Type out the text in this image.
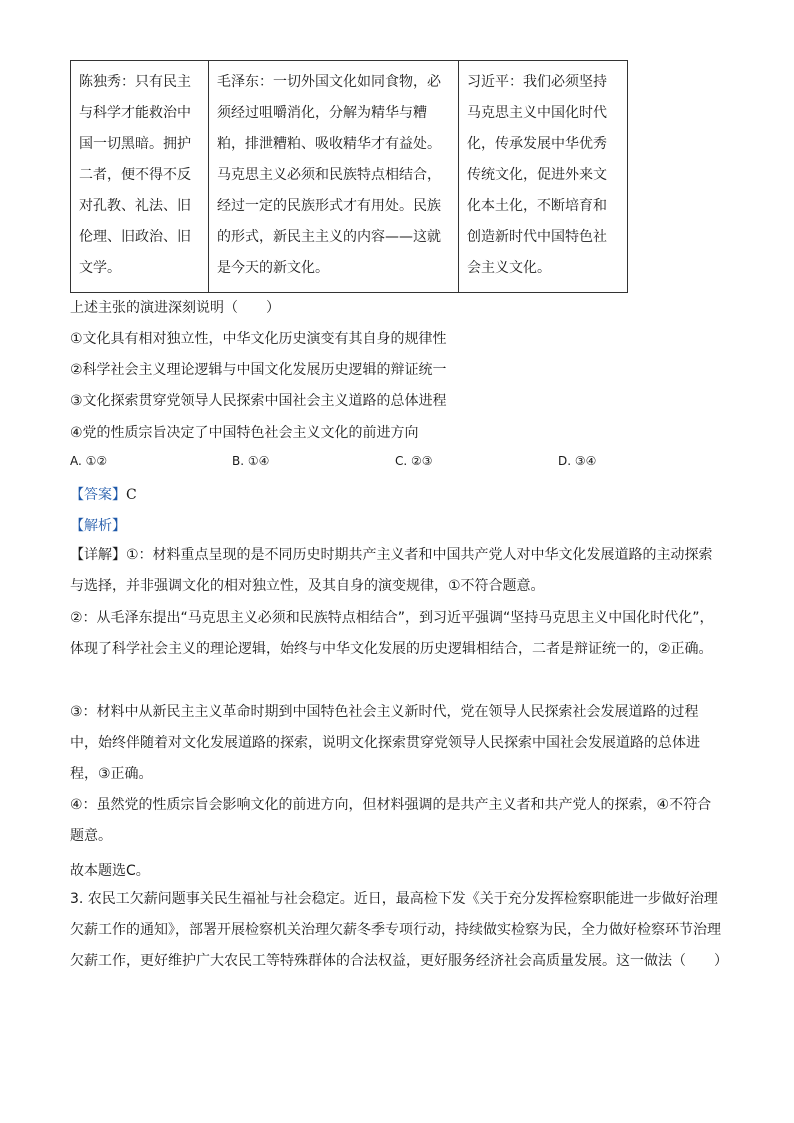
陈独秀：只有民主与科学才能救治中国一切黑暗。拥护二者，便不得不反对孔教、礼法、旧伦理、旧政治、旧文学。	毛泽东：一切外国文化如同食物，必须经过咀嚼消化，分解为精华与糟粕，排泄糟粕、吸收精华才有益处。马克思主义必须和民族特点相结合，经过一定的民族形式才有用处。民族的形式，新民主主义的内容——这就是今天的新文化。	习近平：我们必须坚持马克思主义中国化时代化，传承发展中华优秀传统文化，促进外来文化本土化，不断培育和创造新时代中国特色社会主义文化。
上述主张的演进深刻说明（　　）
①文化具有相对独立性，中华文化历史演变有其自身的规律性
②科学社会主义理论逻辑与中国文化发展历史逻辑的辩证统一
③文化探索贯穿党领导人民探索中国社会主义道路的总体进程
④党的性质宗旨决定了中国特色社会主义文化的前进方向
A. ①②	B. ①④	C. ②③	D. ③④
【答案】C
【解析】
【详解】①：材料重点呈现的是不同历史时期共产主义者和中国共产党人对中华文化发展道路的主动探索与选择，并非强调文化的相对独立性，及其自身的演变规律，①不符合题意。
②：从毛泽东提出“马克思主义必须和民族特点相结合”，到习近平强调“坚持马克思主义中国化时代化”，体现了科学社会主义的理论逻辑，始终与中华文化发展的历史逻辑相结合，二者是辩证统一的，②正确。
③：材料中从新民主主义革命时期到中国特色社会主义新时代，党在领导人民探索社会发展道路的过程中，始终伴随着对文化发展道路的探索，说明文化探索贯穿党领导人民探索中国社会发展道路的总体进程，③正确。
④：虽然党的性质宗旨会影响文化的前进方向，但材料强调的是共产主义者和共产党人的探索，④不符合题意。
故本题选C。
3. 农民工欠薪问题事关民生福祉与社会稳定。近日，最高检下发《关于充分发挥检察职能进一步做好治理欠薪工作的通知》，部署开展检察机关治理欠薪冬季专项行动，持续做实检察为民，全力做好检察环节治理欠薪工作，更好维护广大农民工等特殊群体的合法权益，更好服务经济社会高质量发展。这一做法（　　）
